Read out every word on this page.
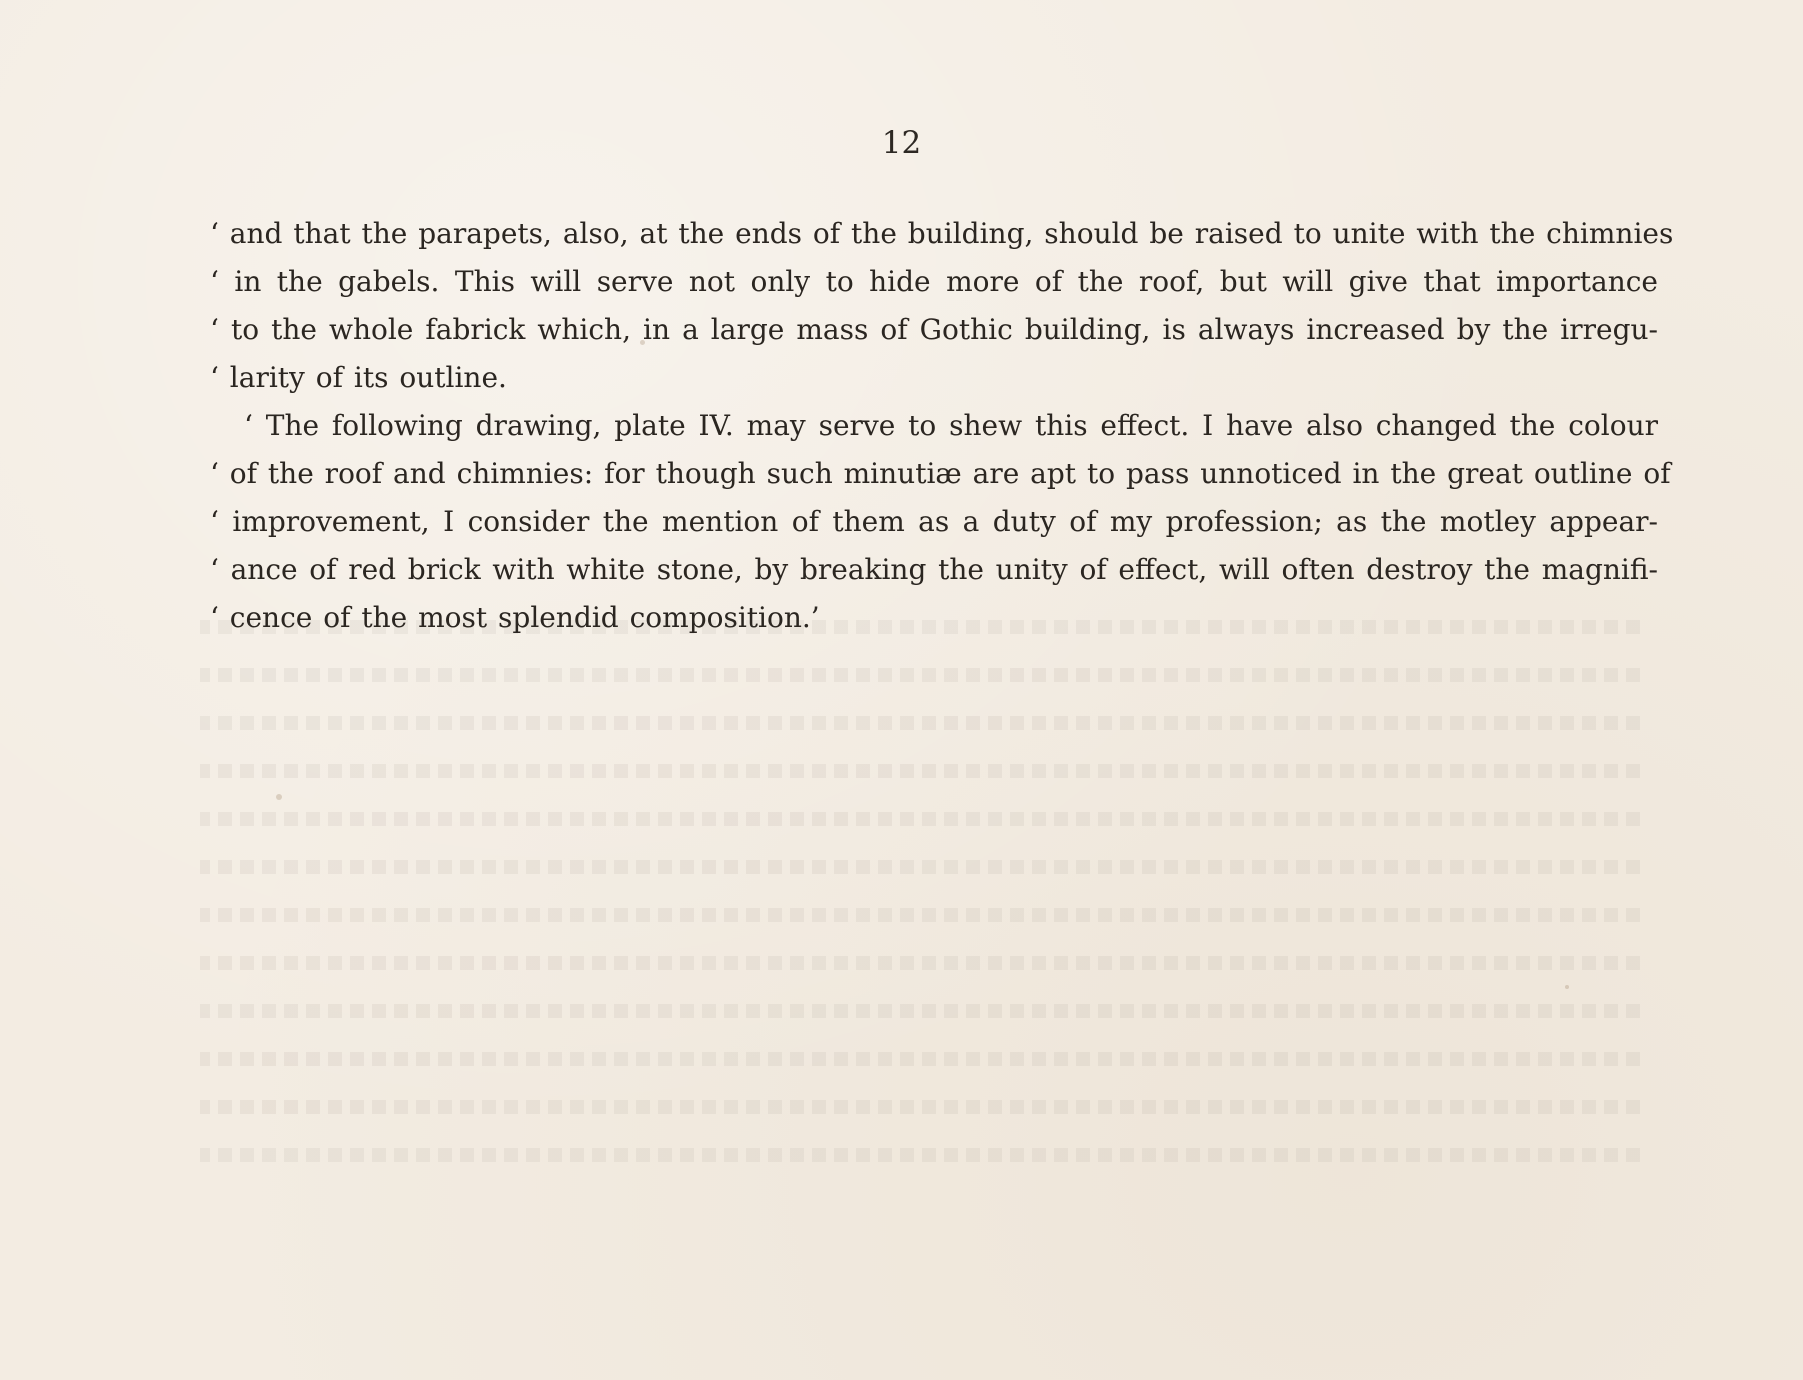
12
‘ and that the parapets, also, at the ends of the building, should be raised to unite with the chimnies
‘ in the gabels. This will serve not only to hide more of the roof, but will give that importance
‘ to the whole fabrick which, in a large mass of Gothic building, is always increased by the irregu-
‘ larity of its outline.
‘ The following drawing, plate IV. may serve to shew this effect. I have also changed the colour
‘ of the roof and chimnies: for though such minutiæ are apt to pass unnoticed in the great outline of
‘ improvement, I consider the mention of them as a duty of my profession; as the motley appear-
‘ ance of red brick with white stone, by breaking the unity of effect, will often destroy the magnifi-
‘ cence of the most splendid composition.’
